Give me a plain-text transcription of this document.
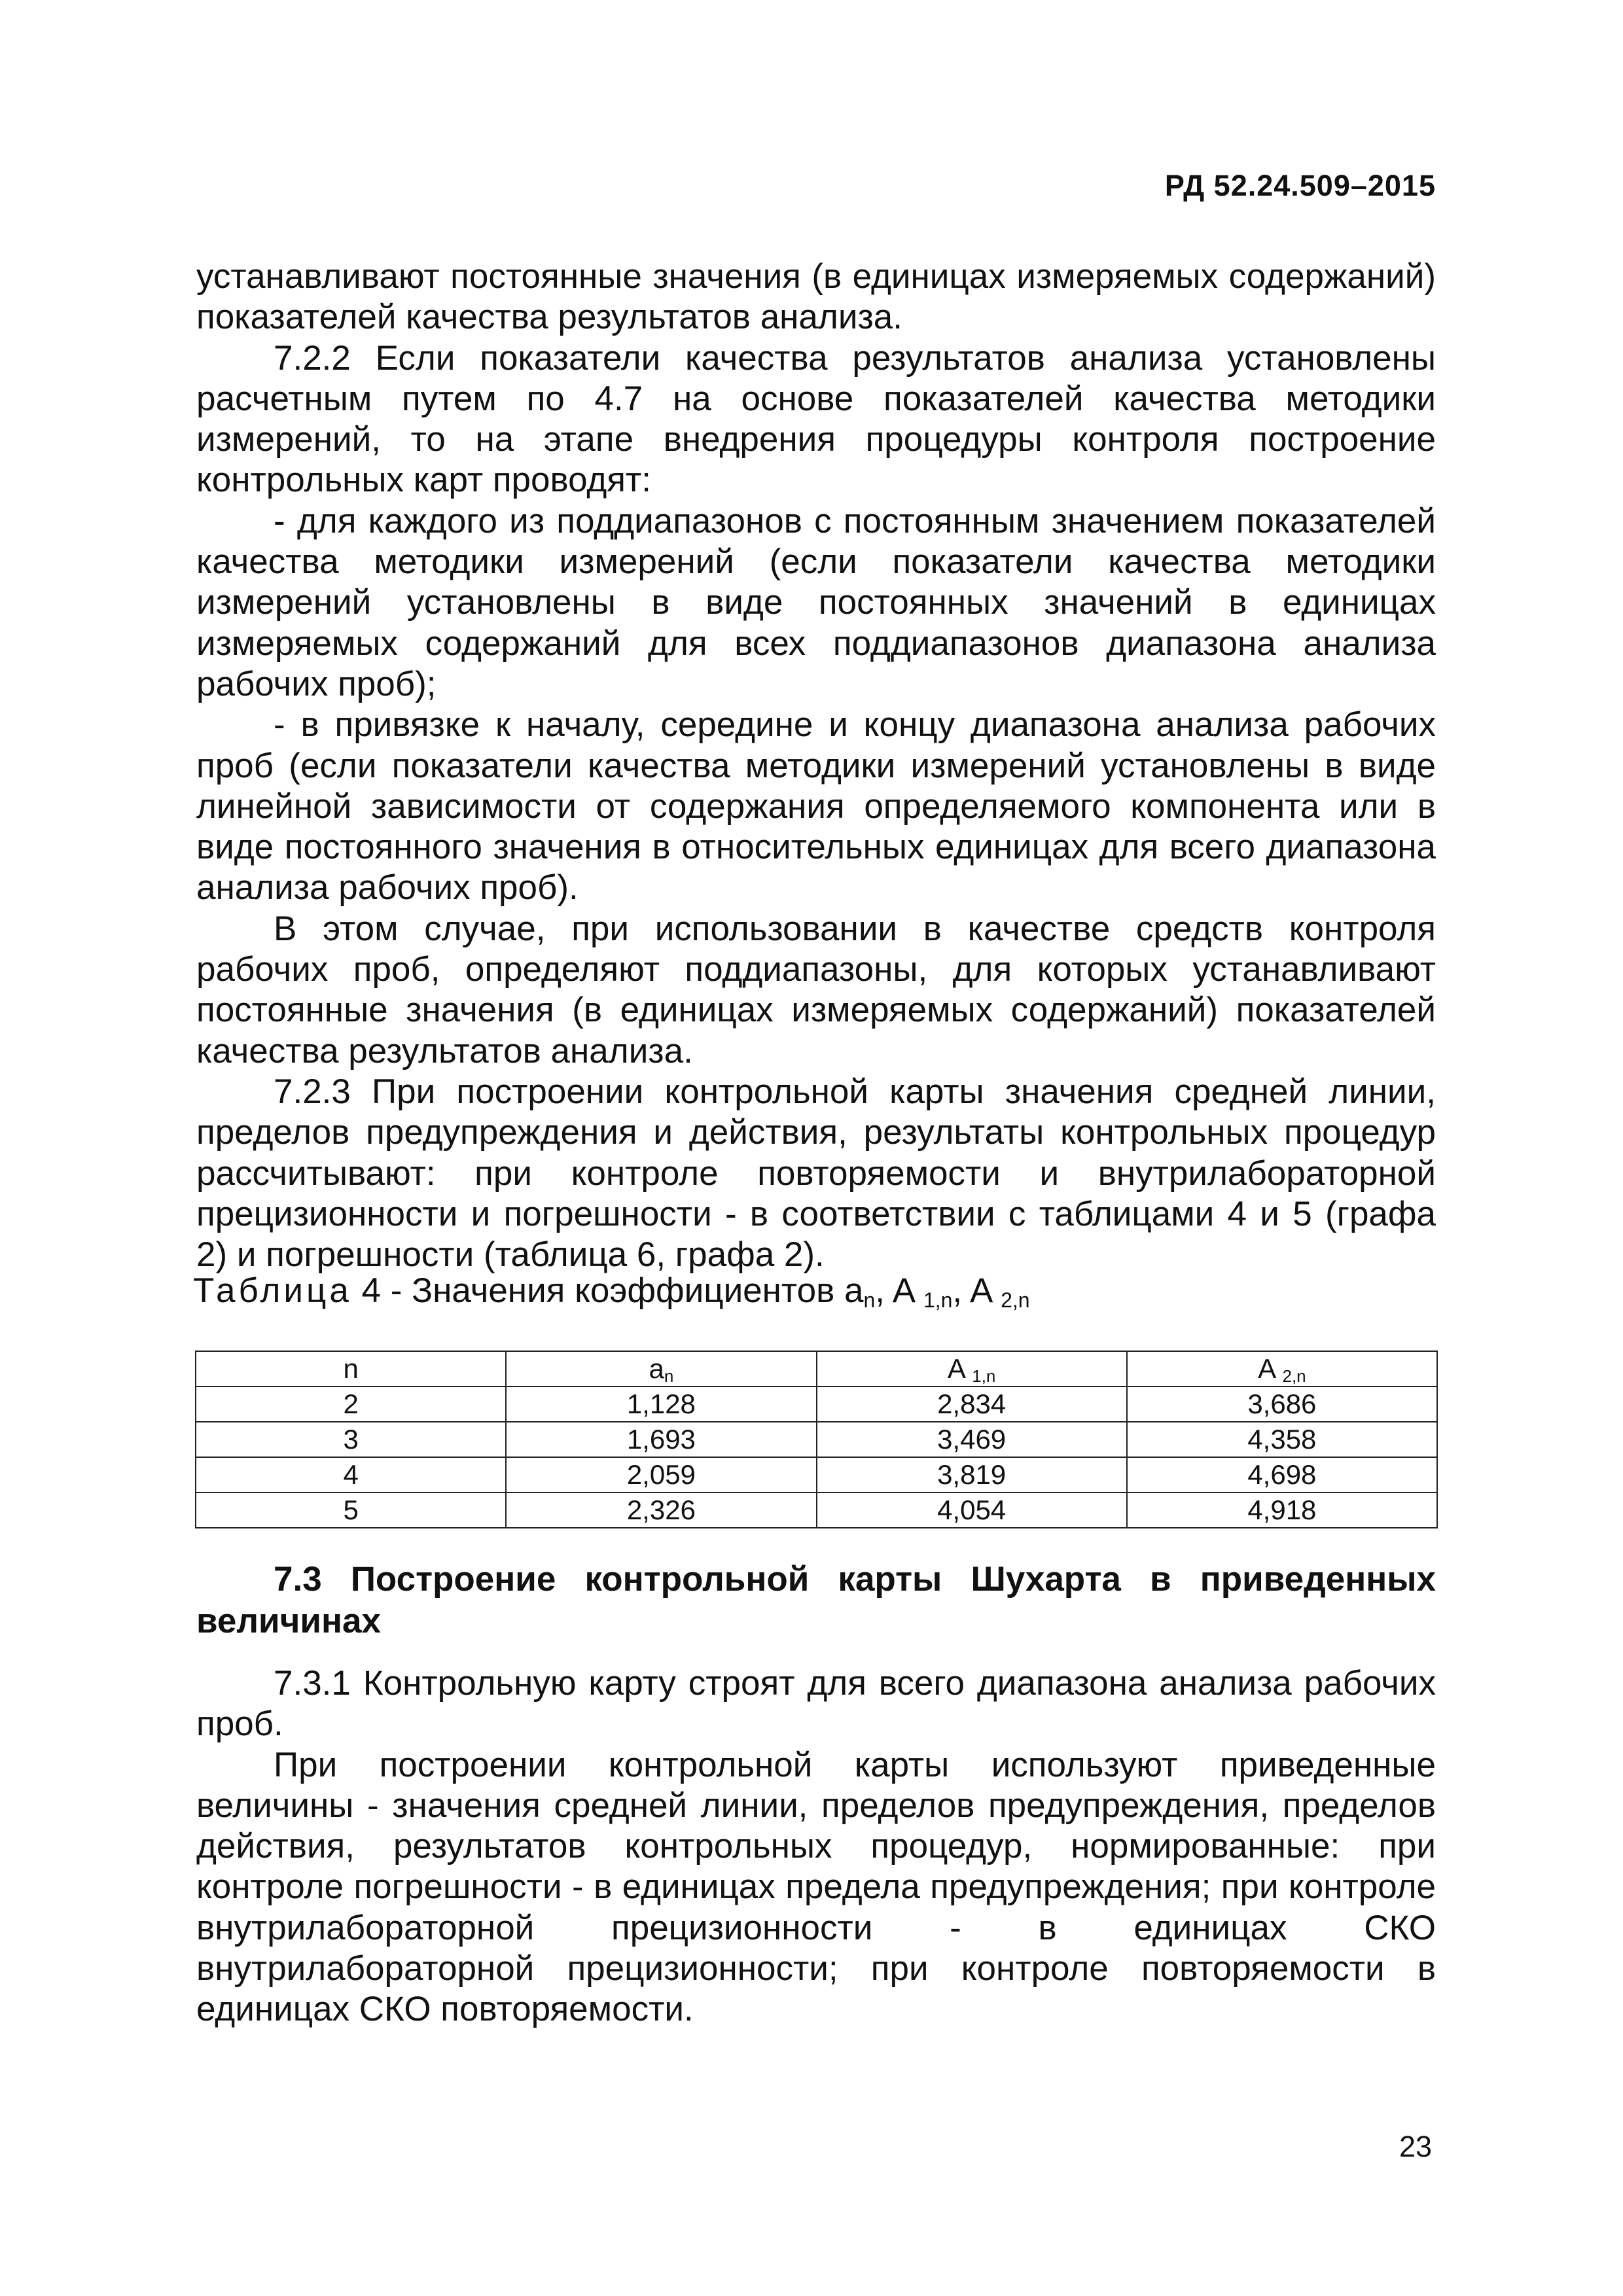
РД 52.24.509–2015

устанавливают постоянные значения (в единицах измеряемых содержаний) показателей качества результатов анализа.

7.2.2 Если показатели качества результатов анализа установлены расчетным путем по 4.7 на основе показателей качества методики измерений, то на этапе внедрения процедуры контроля построение контрольных карт проводят:

- для каждого из поддиапазонов с постоянным значением показателей качества методики измерений (если показатели качества методики измерений установлены в виде постоянных значений в единицах измеряемых содержаний для всех поддиапазонов диапазона анализа рабочих проб);

- в привязке к началу, середине и концу диапазона анализа рабочих проб (если показатели качества методики измерений установлены в виде линейной зависимости от содержания определяемого компонента или в виде постоянного значения в относительных единицах для всего диапазона анализа рабочих проб).

В этом случае, при использовании в качестве средств контроля рабочих проб, определяют поддиапазоны, для которых устанавливают постоянные значения (в единицах измеряемых содержаний) показателей качества результатов анализа.

7.2.3 При построении контрольной карты значения средней линии, пределов предупреждения и действия, результаты контрольных процедур рассчитывают: при контроле повторяемости и внутрилабораторной прецизионности и погрешности - в соответствии с таблицами 4 и 5 (графа 2) и погрешности (таблица 6, графа 2).

Таблица 4 - Значения коэффициентов $a_n$, A $_{1,n}$, A $_{2,n}$
n	$a_n$	A $_{1,n}$	A $_{2,n}$
2	1,128	2,834	3,686
3	1,693	3,469	4,358
4	2,059	3,819	4,698
5	2,326	4,054	4,918
7.3 Построение контрольной карты Шухарта в приведенных величинах

7.3.1 Контрольную карту строят для всего диапазона анализа рабочих проб.

При построении контрольной карты используют приведенные величины - значения средней линии, пределов предупреждения, пределов действия, результатов контрольных процедур, нормированные: при контроле погрешности - в единицах предела предупреждения; при контроле внутрилабораторной прецизионности - в единицах СКО внутрилабораторной прецизионности; при контроле повторяемости в единицах СКО повторяемости.

23
